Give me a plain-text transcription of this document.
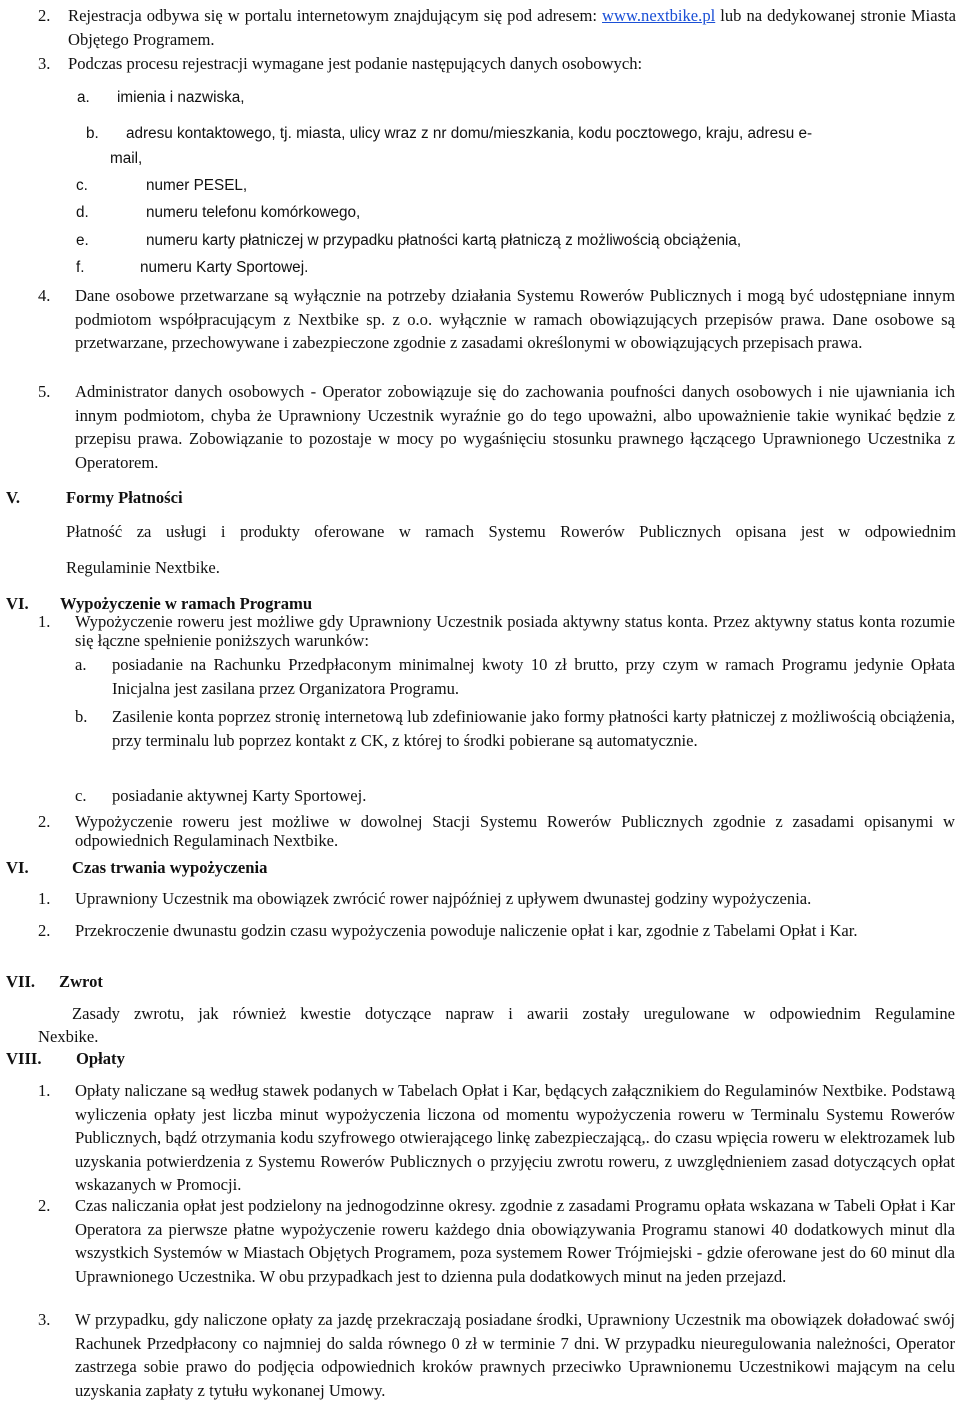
2. Rejestracja odbywa się w portalu internetowym znajdującym się pod adresem: www.nextbike.pl lub na dedykowanej stronie Miasta Objętego Programem.
3. Podczas procesu rejestracji wymagane jest podanie następujących danych osobowych:
a. imienia i nazwiska,
b. adresu kontaktowego, tj. miasta, ulicy wraz z nr domu/mieszkania, kodu pocztowego, kraju, adresu e-
mail,
c.	numer PESEL,
d.	numeru telefonu komórkowego,
e.	numeru karty płatniczej w przypadku płatności kartą płatniczą z możliwością obciążenia,
f.	numeru Karty Sportowej.
4. Dane osobowe przetwarzane są wyłącznie na potrzeby działania Systemu Rowerów Publicznych i mogą być udostępniane innym podmiotom współpracującym z Nextbike sp. z o.o. wyłącznie w ramach obowiązujących przepisów prawa. Dane osobowe są przetwarzane, przechowywane i zabezpieczone zgodnie z zasadami określonymi w obowiązujących przepisach prawa.
5. Administrator danych osobowych - Operator zobowiązuje się do zachowania poufności danych osobowych i nie ujawniania ich innym podmiotom, chyba że Uprawniony Uczestnik wyraźnie go do tego upoważni, albo upoważnienie takie wynikać będzie z przepisu prawa. Zobowiązanie to pozostaje w mocy po wygaśnięciu stosunku prawnego łączącego Uprawnionego Uczestnika z Operatorem.
V.	Formy Płatności
Płatność za usługi i produkty oferowane w ramach Systemu Rowerów Publicznych opisana jest w odpowiednim
Regulaminie Nextbike.
VI. Wypożyczenie w ramach Programu
1. Wypożyczenie roweru jest możliwe gdy Uprawniony Uczestnik posiada aktywny status konta. Przez aktywny status konta rozumie się łączne spełnienie poniższych warunków:
a. posiadanie na Rachunku Przedpłaconym minimalnej kwoty 10 zł brutto, przy czym w ramach Programu jedynie Opłata Inicjalna jest zasilana przez Organizatora Programu.
b. Zasilenie konta poprzez stronię internetową lub zdefiniowanie jako formy płatności karty płatniczej z możliwością obciążenia, przy terminalu lub poprzez kontakt z CK, z której to środki pobierane są automatycznie.
c. posiadanie aktywnej Karty Sportowej.
2. Wypożyczenie roweru jest możliwe w dowolnej Stacji Systemu Rowerów Publicznych zgodnie z zasadami opisanymi w odpowiednich Regulaminach Nextbike.
VI.	Czas trwania wypożyczenia
1. Uprawniony Uczestnik ma obowiązek zwrócić rower najpóźniej z upływem dwunastej godziny wypożyczenia.
2. Przekroczenie dwunastu godzin czasu wypożyczenia powoduje naliczenie opłat i kar, zgodnie z Tabelami Opłat i Kar.
VII. Zwrot
Zasady zwrotu, jak również kwestie dotyczące napraw i awarii zostały uregulowane w odpowiednim Regulamine
Nexbike.
VIII. Opłaty
1. Opłaty naliczane są według stawek podanych w Tabelach Opłat i Kar, będących załącznikiem do Regulaminów Nextbike. Podstawą wyliczenia opłaty jest liczba minut wypożyczenia liczona od momentu wypożyczenia roweru w Terminalu Systemu Rowerów Publicznych, bądź otrzymania kodu szyfrowego otwierającego linkę zabezpieczającą,. do czasu wpięcia roweru w elektrozamek lub uzyskania potwierdzenia z Systemu Rowerów Publicznych o przyjęciu zwrotu roweru, z uwzględnieniem zasad dotyczących opłat wskazanych w Promocji.
2. Czas naliczania opłat jest podzielony na jednogodzinne okresy. zgodnie z zasadami Programu opłata wskazana w Tabeli Opłat i Kar Operatora za pierwsze płatne wypożyczenie roweru każdego dnia obowiązywania Programu stanowi 40 dodatkowych minut dla wszystkich Systemów w Miastach Objętych Programem, poza systemem Rower Trójmiejski - gdzie oferowane jest do 60 minut dla Uprawnionego Uczestnika. W obu przypadkach jest to dzienna pula dodatkowych minut na jeden przejazd.
3. W przypadku, gdy naliczone opłaty za jazdę przekraczają posiadane środki, Uprawniony Uczestnik ma obowiązek doładować swój Rachunek Przedpłacony co najmniej do salda równego 0 zł w terminie 7 dni. W przypadku nieuregulowania należności, Operator zastrzega sobie prawo do podjęcia odpowiednich kroków prawnych przeciwko Uprawnionemu Uczestnikowi mającym na celu uzyskania zapłaty z tytułu wykonanej Umowy.
